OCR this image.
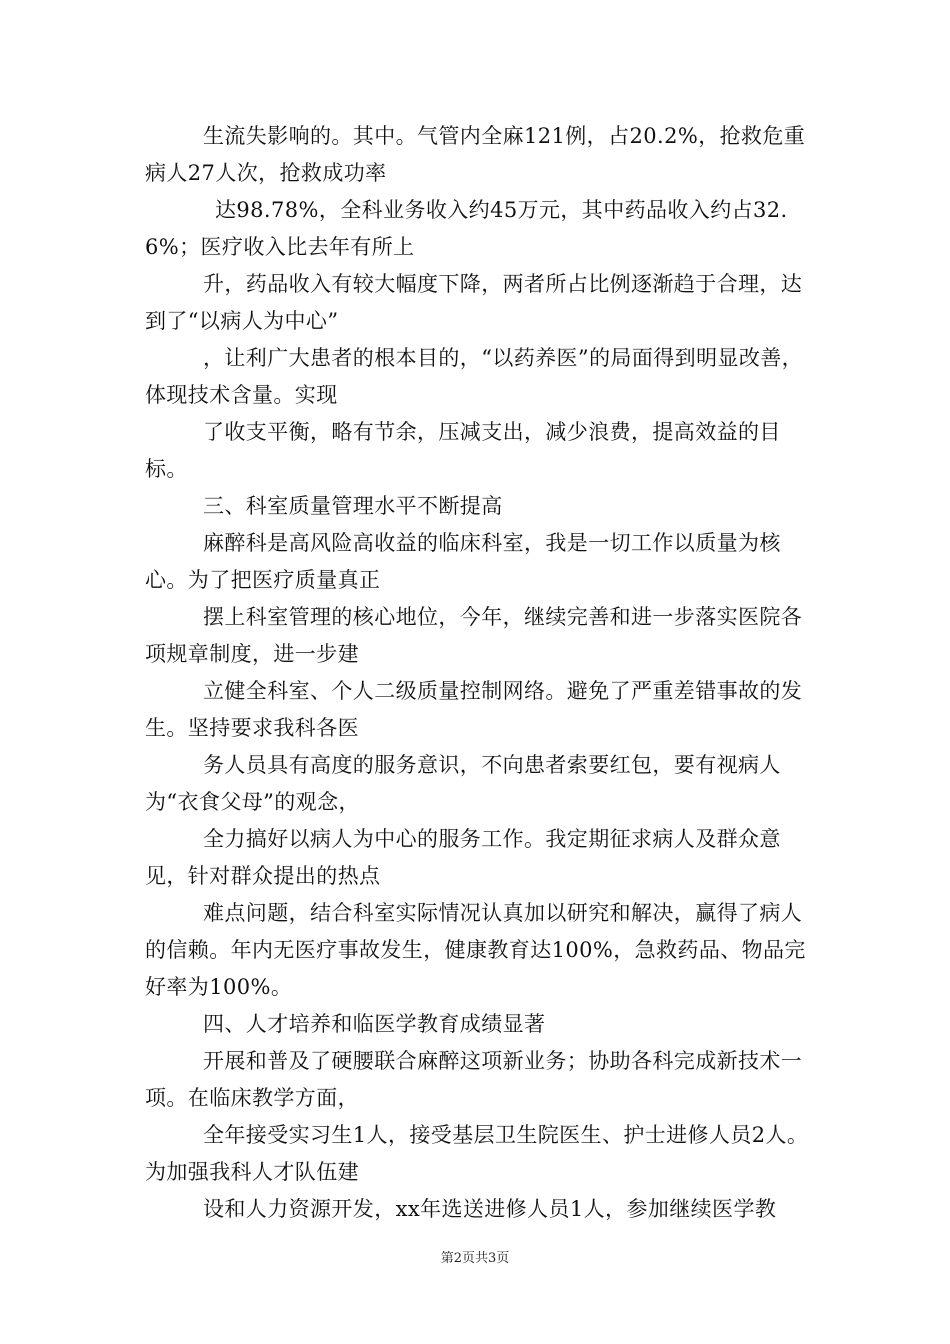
生流失影响的。其中。气管内全麻121例，占20.2%，抢救危重病人27人次，抢救成功率

达98.78%，全科业务收入约45万元，其中药品收入约占32.6%；医疗收入比去年有所上

升，药品收入有较大幅度下降，两者所占比例逐渐趋于合理，达到了“以病人为中心”

，让利广大患者的根本目的，“以药养医”的局面得到明显改善，体现技术含量。实现

了收支平衡，略有节余，压减支出，减少浪费，提高效益的目标。

三、科室质量管理水平不断提高

麻醉科是高风险高收益的临床科室，我是一切工作以质量为核心。为了把医疗质量真正

摆上科室管理的核心地位，今年，继续完善和进一步落实医院各项规章制度，进一步建

立健全科室、个人二级质量控制网络。避免了严重差错事故的发生。坚持要求我科各医

务人员具有高度的服务意识，不向患者索要红包，要有视病人为“衣食父母”的观念，

全力搞好以病人为中心的服务工作。我定期征求病人及群众意见，针对群众提出的热点

难点问题，结合科室实际情况认真加以研究和解决，赢得了病人的信赖。年内无医疗事故发生，健康教育达100%，急救药品、物品完好率为100%。

四、人才培养和临医学教育成绩显著

开展和普及了硬腰联合麻醉这项新业务；协助各科完成新技术一项。在临床教学方面，

全年接受实习生1人，接受基层卫生院医生、护士进修人员2人。为加强我科人才队伍建

设和人力资源开发，xx年选送进修人员1人，参加继续医学教

第2页共3页
